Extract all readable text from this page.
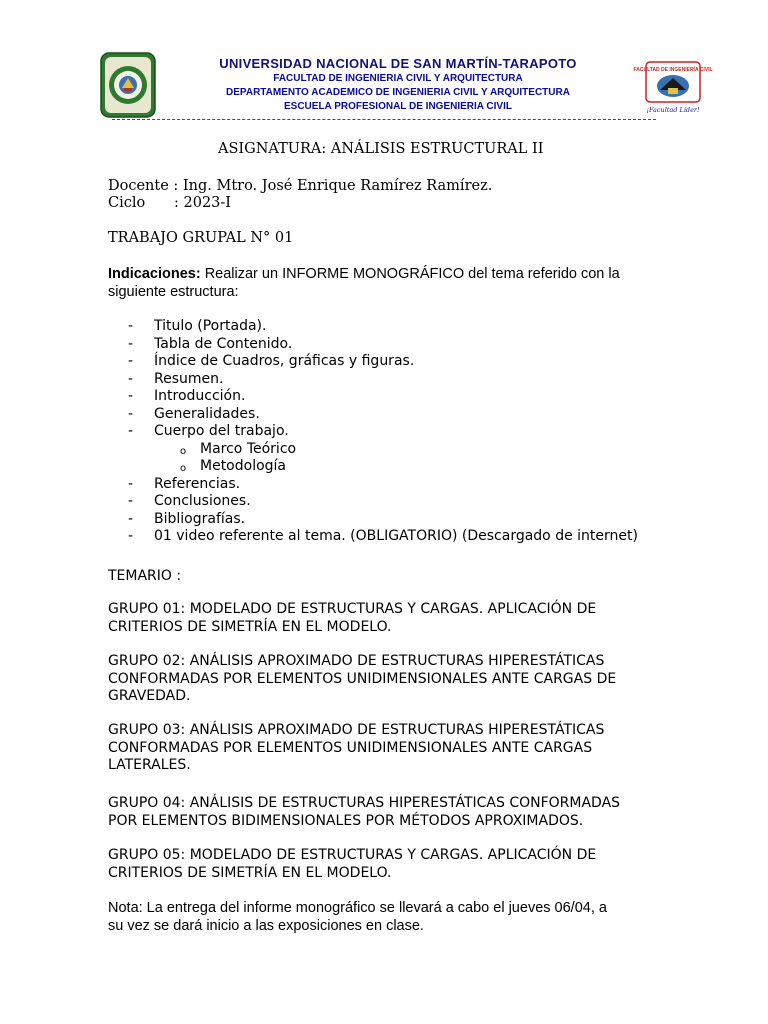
UNIVERSIDAD NACIONAL DE SAN MARTÍN-TARAPOTO
FACULTAD DE INGENIERIA CIVIL Y ARQUITECTURA
DEPARTAMENTO ACADEMICO DE INGENIERIA CIVIL Y ARQUITECTURA
ESCUELA PROFESIONAL DE INGENIERIA CIVIL
FACULTAD DE INGENIERÍA CIVIL
¡Facultad Líder!
ASIGNATURA: ANÁLISIS ESTRUCTURAL II
Docente : Ing. Mtro. José Enrique Ramírez Ramírez.
Ciclo : 2023-I
TRABAJO GRUPAL N° 01
Indicaciones: Realizar un INFORME MONOGRÁFICO del tema referido con la siguiente estructura:
- Titulo (Portada).
- Tabla de Contenido.
- Índice de Cuadros, gráficas y figuras.
- Resumen.
- Introducción.
- Generalidades.
- Cuerpo del trabajo.
o Marco Teórico
o Metodología
- Referencias.
- Conclusiones.
- Bibliografías.
- 01 video referente al tema. (OBLIGATORIO) (Descargado de internet)
TEMARIO :
GRUPO 01: MODELADO DE ESTRUCTURAS Y CARGAS. APLICACIÓN DE
CRITERIOS DE SIMETRÍA EN EL MODELO.
GRUPO 02: ANÁLISIS APROXIMADO DE ESTRUCTURAS HIPERESTÁTICAS
CONFORMADAS POR ELEMENTOS UNIDIMENSIONALES ANTE CARGAS DE
GRAVEDAD.
GRUPO 03: ANÁLISIS APROXIMADO DE ESTRUCTURAS HIPERESTÁTICAS
CONFORMADAS POR ELEMENTOS UNIDIMENSIONALES ANTE CARGAS
LATERALES.
GRUPO 04: ANÁLISIS DE ESTRUCTURAS HIPERESTÁTICAS CONFORMADAS
POR ELEMENTOS BIDIMENSIONALES POR MÉTODOS APROXIMADOS.
GRUPO 05: MODELADO DE ESTRUCTURAS Y CARGAS. APLICACIÓN DE
CRITERIOS DE SIMETRÍA EN EL MODELO.
Nota: La entrega del informe monográfico se llevará a cabo el jueves 06/04, a
su vez se dará inicio a las exposiciones en clase.
